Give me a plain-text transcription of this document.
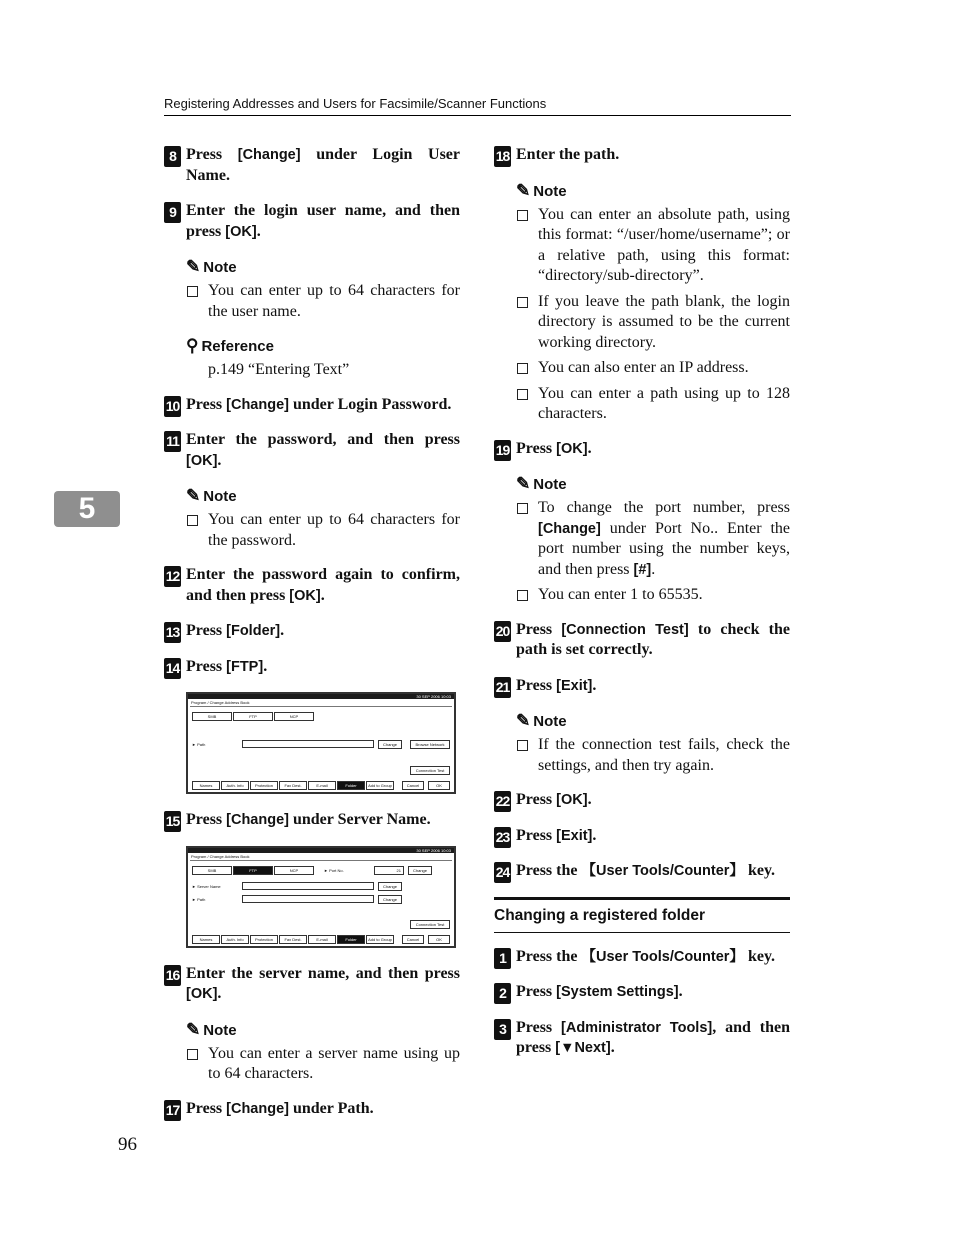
Registering Addresses and Users for Facsimile/Scanner Functions
5
96
8 Press [Change] under Login User Name.
9 Enter the login user name, and then press [OK].
✎ Note
You can enter up to 64 characters for the user name.
⚲ Reference
p.149 “Entering Text”
10 Press [Change] under Login Password.
11 Enter the password, and then press [OK].
✎ Note
You can enter up to 64 characters for the password.
12 Enter the password again to confirm, and then press [OK].
13 Press [Folder].
14 Press [FTP].
30 SEP 2006 10:03
Program / Change Address Book
SMB	FTP	NCP
► Path	Change	Browse Network
Connection Test
Names	Auth. Info	Protection	Fax Dest.	E-mail	Folder	Add to Group	Cancel	OK
15 Press [Change] under Server Name.
30 SEP 2006 10:03
Program / Change Address Book
SMB	FTP	NCP	► Port No.	21	Change
► Server Name	Change
► Path	Change
Connection Test
Names	Auth. Info	Protection	Fax Dest.	E-mail	Folder	Add to Group	Cancel	OK
16 Enter the server name, and then press [OK].
✎ Note
You can enter a server name using up to 64 characters.
17 Press [Change] under Path.
18 Enter the path.
✎ Note
You can enter an absolute path, using this format: “/user/home/username”; or a relative path, using this format: “directory/sub-directory”.
If you leave the path blank, the login directory is assumed to be the current working directory.
You can also enter an IP address.
You can enter a path using up to 128 characters.
19 Press [OK].
✎ Note
To change the port number, press [Change] under Port No.. Enter the port number using the number keys, and then press [#].
You can enter 1 to 65535.
20 Press [Connection Test] to check the path is set correctly.
21 Press [Exit].
✎ Note
If the connection test fails, check the settings, and then try again.
22 Press [OK].
23 Press [Exit].
24 Press the 【User Tools/Counter】 key.
Changing a registered folder
1 Press the 【User Tools/Counter】 key.
2 Press [System Settings].
3 Press [Administrator Tools], and then press [▼Next].
